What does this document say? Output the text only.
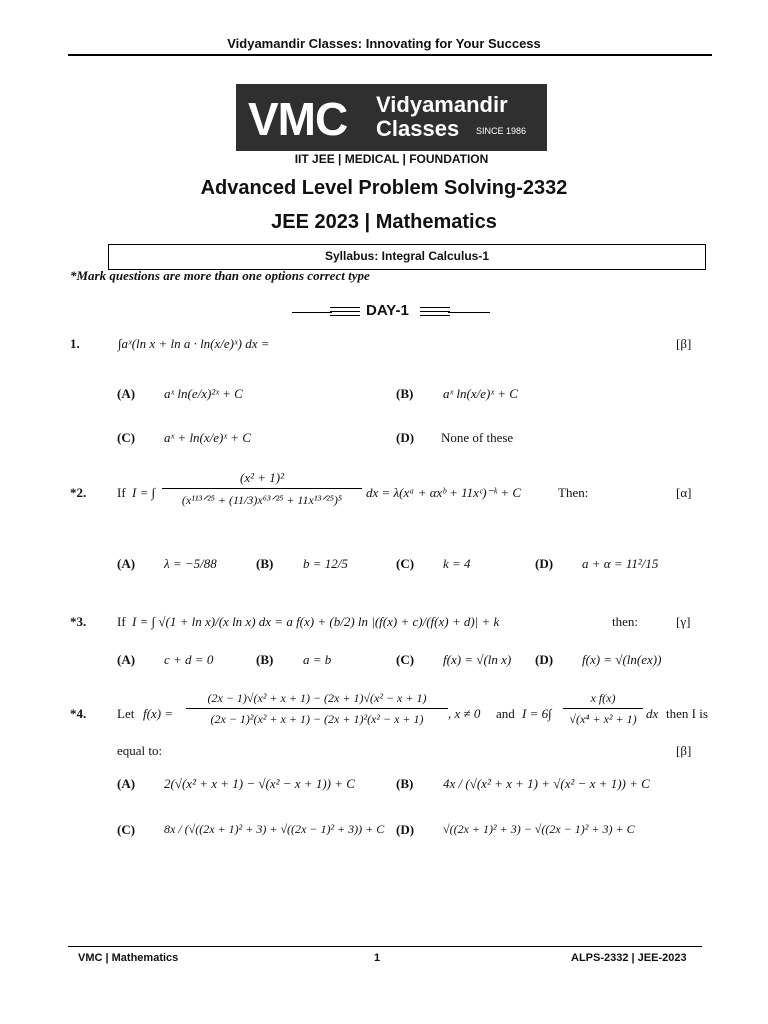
Vidyamandir Classes: Innovating for Your Success
VMC Vidyamandir
Classes	SINCE 1986
IIT JEE | MEDICAL | FOUNDATION
Advanced Level Problem Solving-2332
JEE 2023 | Mathematics
Syllabus: Integral Calculus-1
*Mark questions are more than one options correct type
DAY-1
1.	∫aˣ(ln x + ln a · ln(x/e)ˣ) dx =	[β]
(A) aˣ ln(e/x)²ˣ + C	(B) aˣ ln(x/e)ˣ + C
(C) aˣ + ln(x/e)ˣ + C	(D) None of these
*2. If I = ∫
(x² + 1)²
(x¹¹³ᐟ²⁵ + (11/3)x⁶³ᐟ²⁵ + 11x¹³ᐟ²⁵)⁵	dx = λ(xᵃ + αxᵇ + 11xᶜ)⁻ᵏ + C	Then:	[α]
(A) λ = −5/88	(B) b = 12/5	(C) k = 4	(D) a + α = 11²/15
*3. If I = ∫ √(1 + ln x)/(x ln x) dx = a f(x) + (b/2) ln |(f(x) + c)/(f(x) + d)| + k	then:	[γ]
(A) c + d = 0	(B) a = b	(C) f(x) = √(ln x) (D) f(x) = √(ln(ex))
*4. Let $f(x) = \frac{\text{(2x − 1)√(x² + x + 1) − (2x + 1)√(x² − x + 1)}}{\text{(2x − 1)²(x² + x + 1) − (2x + 1)²(x² − x + 1)}}$ , x ≠ 0 and $I = 6\int \frac{\text{x f(x)}}{\text{√(x⁴ + x² + 1)}}$ dx then I is
equal to:	[β]
(A) 2(√(x² + x + 1) − √(x² − x + 1)) + C	(B) 4x / (√(x² + x + 1) + √(x² − x + 1)) + C
(C) 8x / (√((2x + 1)² + 3) + √((2x − 1)² + 3)) + C (D) √((2x + 1)² + 3) − √((2x − 1)² + 3) + C
VMC | Mathematics	1	ALPS-2332 | JEE-2023
